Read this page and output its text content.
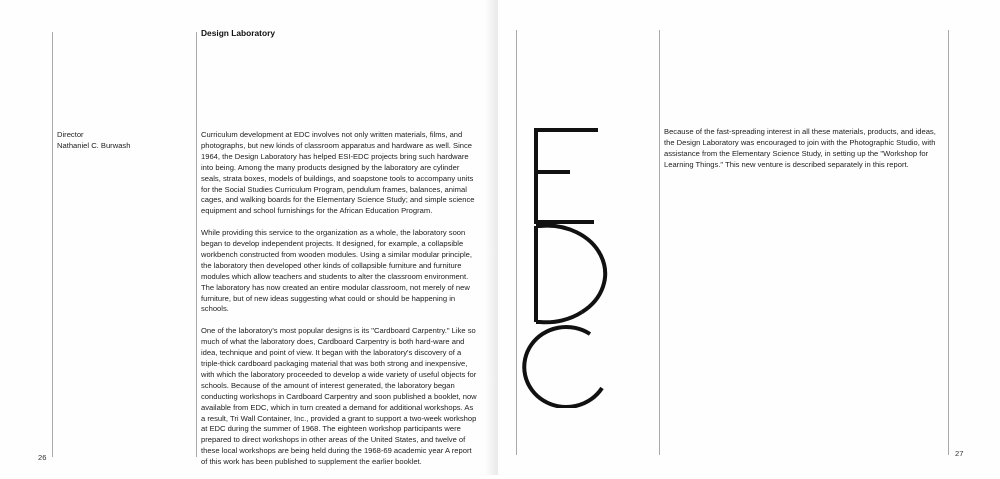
Design Laboratory
Director
Nathaniel C. Burwash

Curriculum development at EDC involves not only written materials, films, and photographs, but new kinds of classroom apparatus and hardware as well. Since 1964, the Design Laboratory has helped ESI-EDC projects bring such hardware into being. Among the many products designed by the laboratory are cylinder seals, strata boxes, models of buildings, and soapstone tools to accompany units for the Social Studies Curriculum Program, pendulum frames, balances, animal cages, and walking boards for the Elementary Science Study; and simple science equipment and school furnishings for the African Education Program.

While providing this service to the organization as a whole, the laboratory soon began to develop independent projects. It designed, for example, a collapsible workbench constructed from wooden modules. Using a similar modular principle, the laboratory then developed other kinds of collapsible furniture and furniture modules which allow teachers and students to alter the classroom environment. The laboratory has now created an entire modular classroom, not merely of new furniture, but of new ideas suggesting what could or should be happening in schools.

One of the laboratory's most popular designs is its "Cardboard Carpentry." Like so much of what the laboratory does, Cardboard Carpentry is both hard-ware and idea, technique and point of view. It began with the laboratory's discovery of a triple-thick cardboard packaging material that was both strong and inexpensive, with which the laboratory proceeded to develop a wide variety of useful objects for schools. Because of the amount of interest generated, the laboratory began conducting workshops in Cardboard Carpentry and soon published a booklet, now available from EDC, which in turn created a demand for additional workshops. As a result, Tri Wall Container, Inc., provided a grant to support a two-week workshop at EDC during the summer of 1968. The eighteen workshop participants were prepared to direct workshops in other areas of the United States, and twelve of these local workshops are being held during the 1968-69 academic year A report of this work has been published to supplement the earlier booklet.

26

Because of the fast-spreading interest in all these materials, products, and ideas, the Design Laboratory was encouraged to join with the Photographic Studio, with assistance from the Elementary Science Study, in setting up the "Workshop for Learning Things." This new venture is described separately in this report.

27
